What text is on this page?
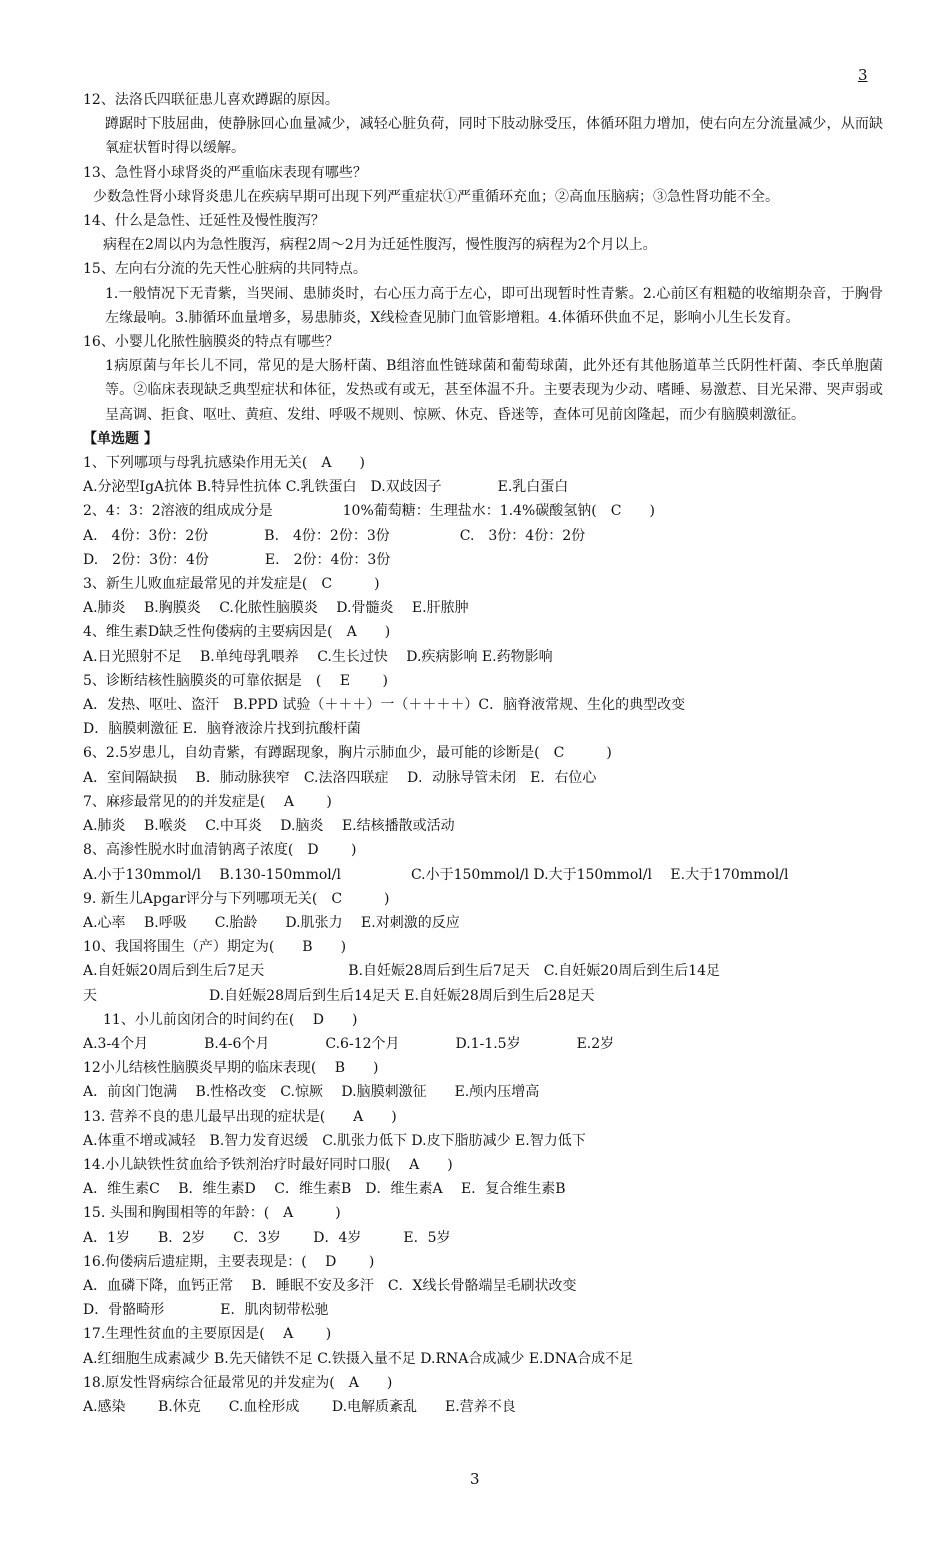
3
12、法洛氏四联征患儿喜欢蹲踞的原因。
蹲踞时下肢屈曲，使静脉回心血量减少，减轻心脏负荷，同时下肢动脉受压，体循环阻力增加，使右向左分流量减少，从而缺氧症状暂时得以缓解。
13、急性肾小球肾炎的严重临床表现有哪些？
少数急性肾小球肾炎患儿在疾病早期可出现下列严重症状①严重循环充血；②高血压脑病；③急性肾功能不全。
14、什么是急性、迁延性及慢性腹泻？
病程在2周以内为急性腹泻，病程2周～2月为迁延性腹泻，慢性腹泻的病程为2个月以上。
15、左向右分流的先天性心脏病的共同特点。
1.一般情况下无青紫，当哭闹、患肺炎时，右心压力高于左心，即可出现暂时性青紫。2.心前区有粗糙的收缩期杂音，于胸骨左缘最响。3.肺循环血量增多，易患肺炎，X线检查见肺门血管影增粗。4.体循环供血不足，影响小儿生长发育。
16、小婴儿化脓性脑膜炎的特点有哪些？
1病原菌与年长儿不同，常见的是大肠杆菌、B组溶血性链球菌和葡萄球菌，此外还有其他肠道革兰氏阴性杆菌、李氏单胞菌等。②临床表现缺乏典型症状和体征，发热或有或无，甚至体温不升。主要表现为少动、嗜睡、易激惹、目光呆滞、哭声弱或呈高调、拒食、呕吐、黄疸、发绀、呼吸不规则、惊厥、休克、昏迷等，查体可见前囟隆起，而少有脑膜刺激征。
【单选题 】
1、下列哪项与母乳抗感染作用无关(　A　　)
A.分泌型IgA抗体 B.特异性抗体 C.乳铁蛋白　D.双歧因子　　　　E.乳白蛋白
2、4：3：2溶液的组成成分是　　　　　10%葡萄糖：生理盐水：1.4%碳酸氢钠(　C　　)
A.　4份：3份：2份　　　　B.　4份：2份：3份　　　　　C.　3份：4份：2份
D.　2份：3份：4份　　　　E.　2份：4份：3份
3、新生儿败血症最常见的并发症是(　C　　　)
A.肺炎　 B.胸膜炎　 C.化脓性脑膜炎　 D.骨髓炎　 E.肝脓肿
4、维生素D缺乏性佝偻病的主要病因是(　A　　)
A.日光照射不足　 B.单纯母乳喂养　 C.生长过快　 D.疾病影响 E.药物影响
5、诊断结核性脑膜炎的可靠依据是　(　 E　　 )
A．发热、呕吐、盗汗　B.PPD 试验（＋＋＋）一（＋＋＋＋）C．脑脊液常规、生化的典型改变
D．脑膜刺激征 E．脑脊液涂片找到抗酸杆菌
6、2.5岁患儿，自幼青紫，有蹲踞现象，胸片示肺血少，最可能的诊断是(　C　　　)
A．室间隔缺损　 B．肺动脉狭窄　C.法洛四联症　 D．动脉导管未闭　E．右位心
7、麻疹最常见的的并发症是(　 A　　 )
A.肺炎　 B.喉炎　 C.中耳炎　 D.脑炎　 E.结核播散或活动
8、高渗性脱水时血清钠离子浓度(　D　　 )
A.小于130mmol/l　 B.130-150mmol/l　　　　　C.小于150mmol/l D.大于150mmol/l　 E.大于170mmol/l
9. 新生儿Apgar评分与下列哪项无关(　C　　　)
A.心率　 B.呼吸　　C.胎龄　　D.肌张力　 E.对刺激的反应
10、我国将围生（产）期定为(　　B　　)
A.自妊娠20周后到生后7足天　　　　　　B.自妊娠28周后到生后7足天　C.自妊娠20周后到生后14足
天　　　　　　　　D.自妊娠28周后到生后14足天 E.自妊娠28周后到生后28足天
11、小儿前囟闭合的时间约在(　 D　　)
A.3-4个月　　　　B.4-6个月　　　　C.6-12个月　　　　D.1-1.5岁　　　　E.2岁
12小儿结核性脑膜炎早期的临床表现(　 B　　)
A．前囟门饱满　 B.性格改变　C.惊厥　 D.脑膜刺激征　　E.颅内压增高
13. 营养不良的患儿最早出现的症状是(　　A　　)
A.体重不增或减轻　B.智力发育迟缓　C.肌张力低下 D.皮下脂肪减少 E.智力低下
14.小儿缺铁性贫血给予铁剂治疗时最好同时口服(　 A　　)
A．维生素C　 B．维生素D　 C．维生素B　D．维生素A　 E．复合维生素B
15. 头围和胸围相等的年龄：(　A　　　)
A．1岁　　B．2岁　　C．3岁　　 D．4岁　　　E．5岁
16.佝偻病后遗症期，主要表现是：(　 D　　 )
A．血磷下降，血钙正常　 B．睡眠不安及多汗　C．X线长骨骼端呈毛刷状改变
D．骨骼畸形　　　　E．肌肉韧带松驰
17.生理性贫血的主要原因是(　 A　　 )
A.红细胞生成素减少 B.先天储铁不足 C.铁摄入量不足 D.RNA合成减少 E.DNA合成不足
18.原发性肾病综合征最常见的并发症为(　A　　)
A.感染　　 B.休克　　C.血栓形成　　 D.电解质紊乱　　E.营养不良
3
